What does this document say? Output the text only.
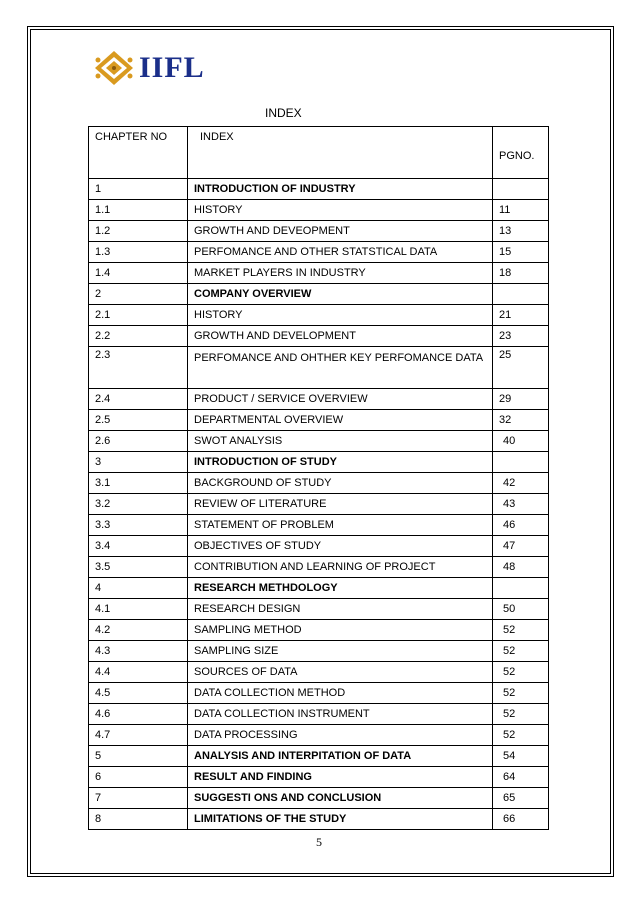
IIFL
INDEX
CHAPTER NO	INDEX	PGNO.

1	INTRODUCTION OF INDUSTRY	
1.1	HISTORY	11
1.2	GROWTH AND DEVEOPMENT	13
1.3	PERFOMANCE AND OTHER STATSTICAL DATA	15
1.4	MARKET PLAYERS IN INDUSTRY	18
2	COMPANY OVERVIEW	
2.1	HISTORY	21
2.2	GROWTH AND DEVELOPMENT	23
2.3	PERFOMANCE AND OHTHER KEY PERFOMANCE DATA	25
2.4	PRODUCT / SERVICE OVERVIEW	29
2.5	DEPARTMENTAL OVERVIEW	32
2.6	SWOT ANALYSIS	40
3	INTRODUCTION OF STUDY	
3.1	BACKGROUND OF STUDY	42
3.2	REVIEW OF LITERATURE	43
3.3	STATEMENT OF PROBLEM	46
3.4	OBJECTIVES OF STUDY	47
3.5	CONTRIBUTION AND LEARNING OF PROJECT	48
4	RESEARCH METHDOLOGY	
4.1	RESEARCH DESIGN	50
4.2	SAMPLING METHOD	52
4.3	SAMPLING SIZE	52
4.4	SOURCES OF DATA	52
4.5	DATA COLLECTION METHOD	52
4.6	DATA COLLECTION INSTRUMENT	52
4.7	DATA PROCESSING	52
5	ANALYSIS AND INTERPITATION OF DATA	54
6	RESULT AND FINDING	64
7	SUGGESTI ONS AND CONCLUSION	65
8	LIMITATIONS OF THE STUDY	66
5
